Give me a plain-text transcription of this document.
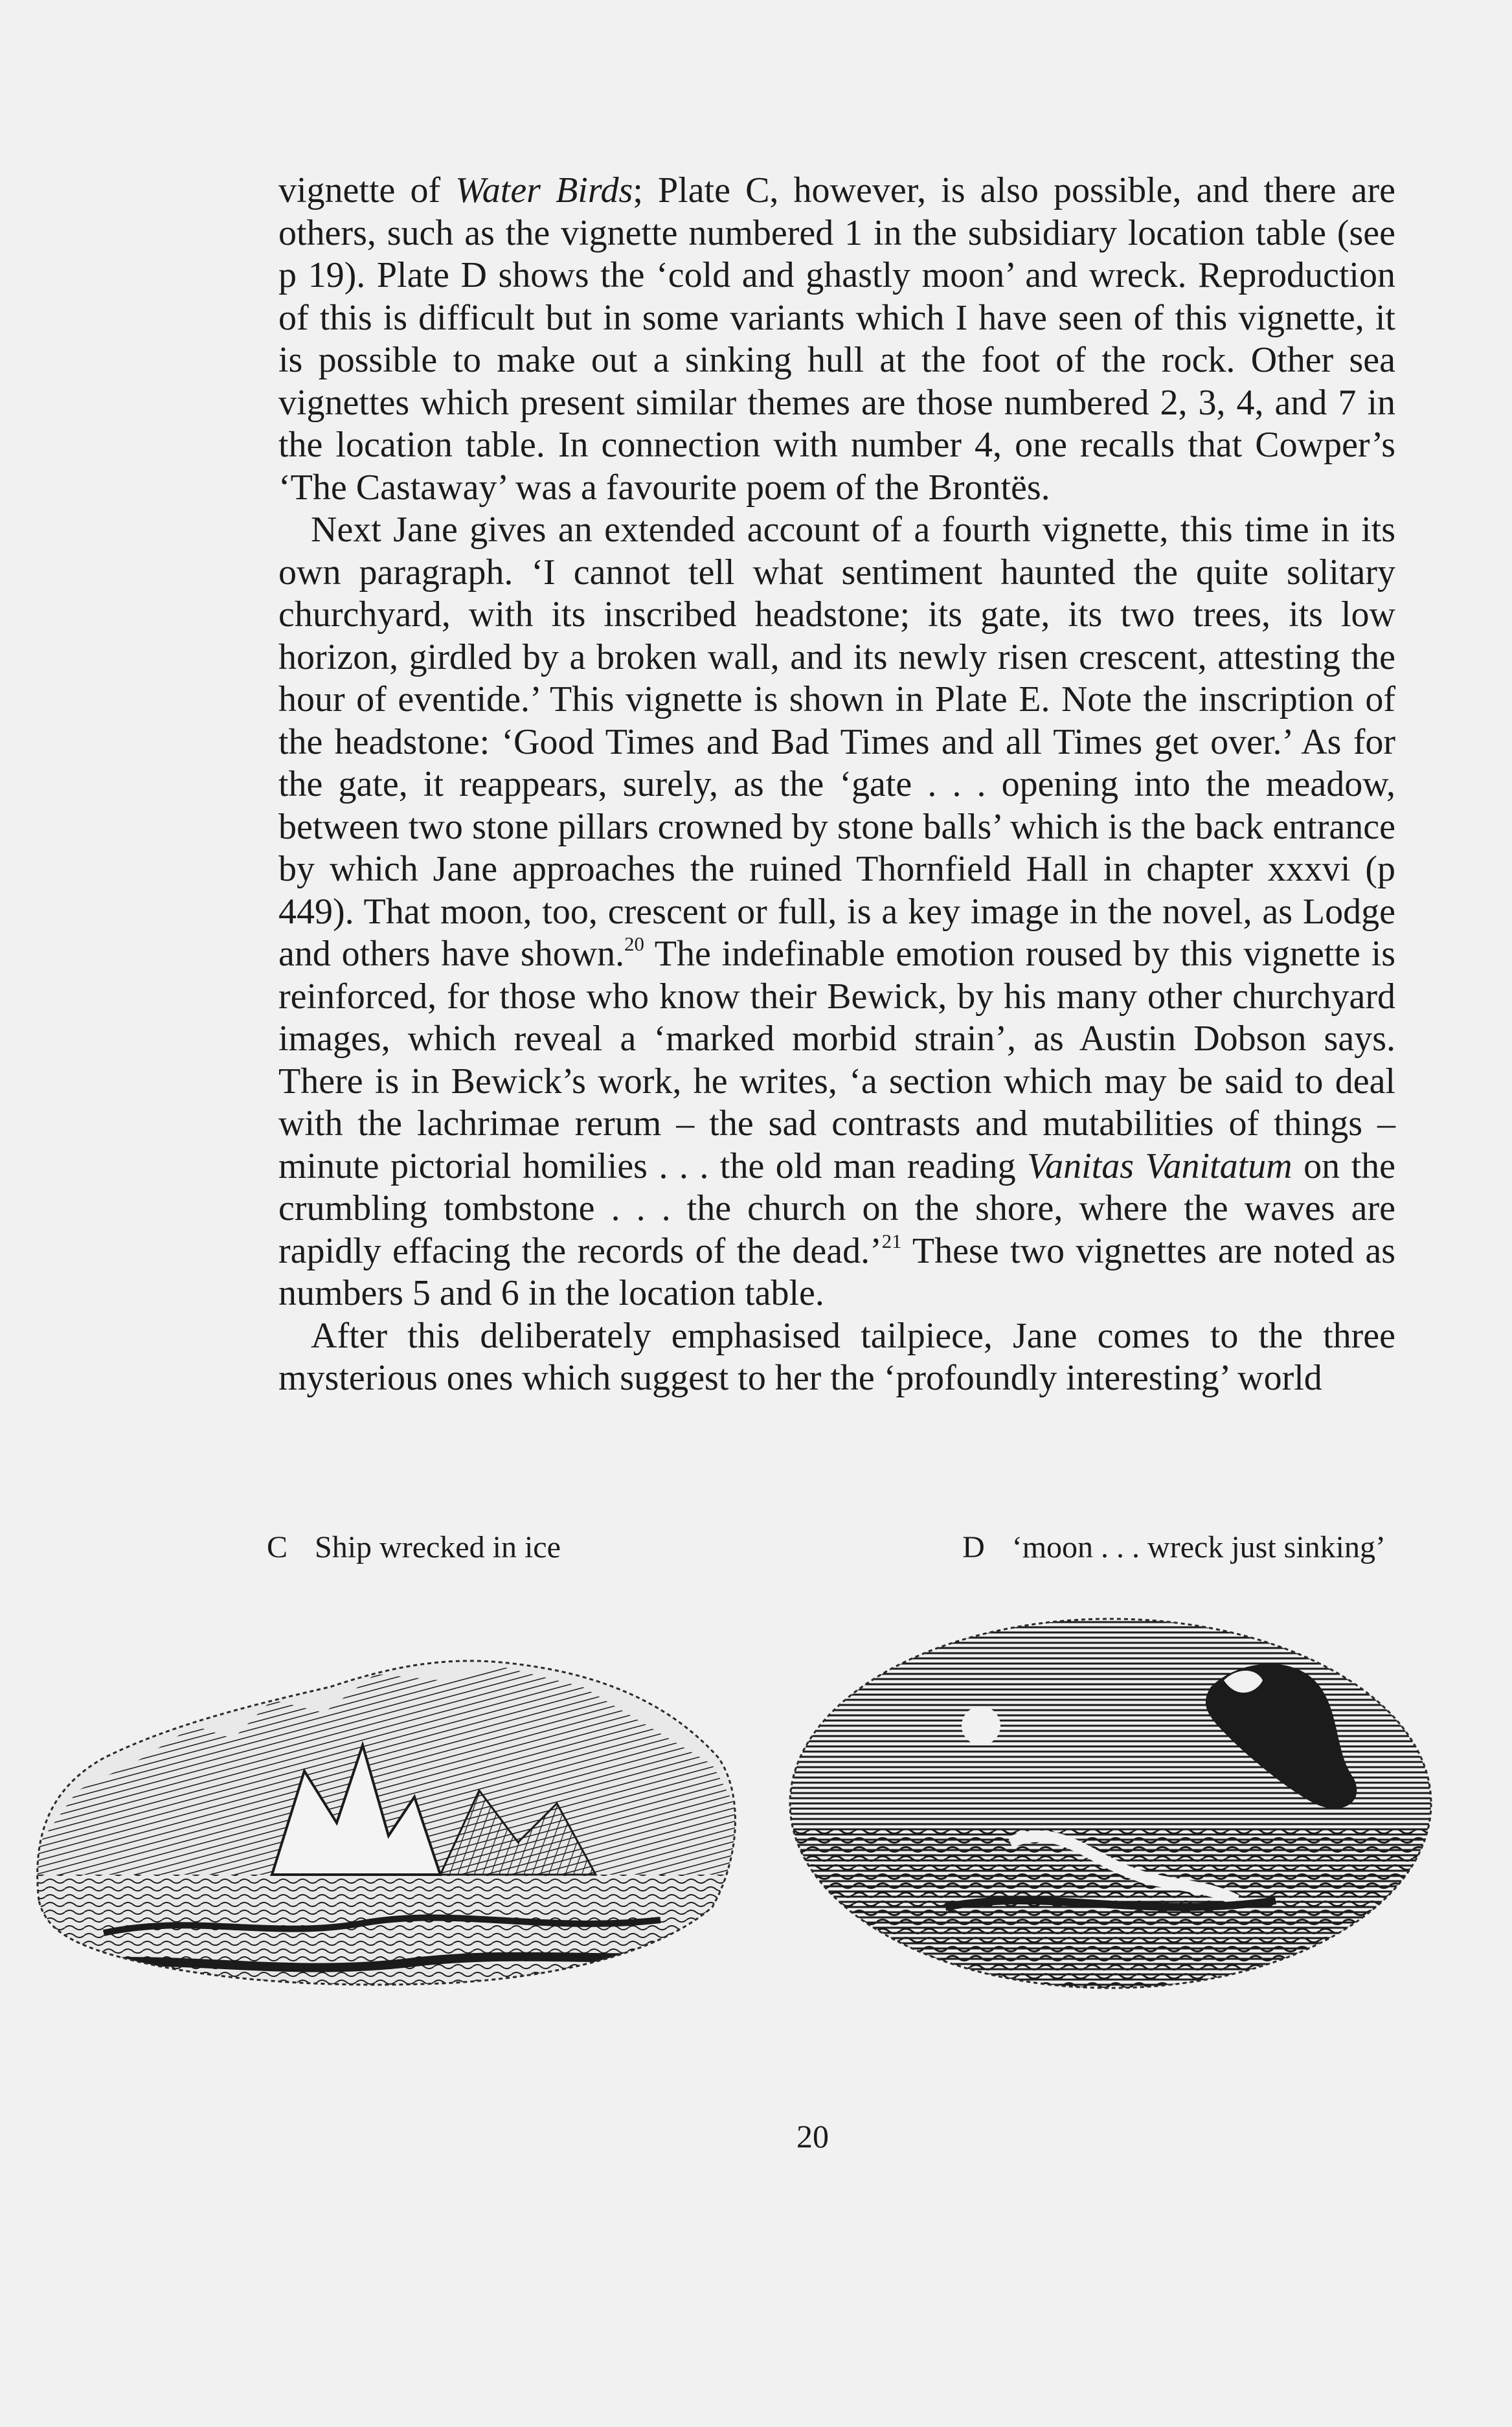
vignette of Water Birds; Plate C, however, is also possible, and there are others, such as the vignette numbered 1 in the subsidiary location table (see p 19). Plate D shows the ‘cold and ghastly moon’ and wreck. Reproduction of this is difficult but in some variants which I have seen of this vignette, it is possible to make out a sinking hull at the foot of the rock. Other sea vignettes which present similar themes are those numbered 2, 3, 4, and 7 in the location table. In connection with number 4, one recalls that Cowper’s ‘The Castaway’ was a favourite poem of the Brontës.

Next Jane gives an extended account of a fourth vignette, this time in its own paragraph. ‘I cannot tell what sentiment haunted the quite solitary churchyard, with its inscribed headstone; its gate, its two trees, its low horizon, girdled by a broken wall, and its newly risen crescent, attesting the hour of eventide.’ This vignette is shown in Plate E. Note the inscription of the headstone: ‘Good Times and Bad Times and all Times get over.’ As for the gate, it reappears, surely, as the ‘gate . . . opening into the meadow, between two stone pillars crowned by stone balls’ which is the back entrance by which Jane approaches the ruined Thornfield Hall in chapter xxxvi (p 449). That moon, too, crescent or full, is a key image in the novel, as Lodge and others have shown.$^{20}$ The indefinable emotion roused by this vignette is reinforced, for those who know their Bewick, by his many other churchyard images, which reveal a ‘marked morbid strain’, as Austin Dobson says. There is in Bewick’s work, he writes, ‘a section which may be said to deal with the lachrimae rerum – the sad contrasts and mutabilities of things – minute pictorial homilies . . . the old man reading Vanitas Vanitatum on the crumbling tombstone . . . the church on the shore, where the waves are rapidly effacing the records of the dead.’$^{21}$ These two vignettes are noted as numbers 5 and 6 in the location table.

After this deliberately emphasised tailpiece, Jane comes to the three mysterious ones which suggest to her the ‘profoundly interesting’ world

C Ship wrecked in ice	D ‘moon . . . wreck just sinking’
20
